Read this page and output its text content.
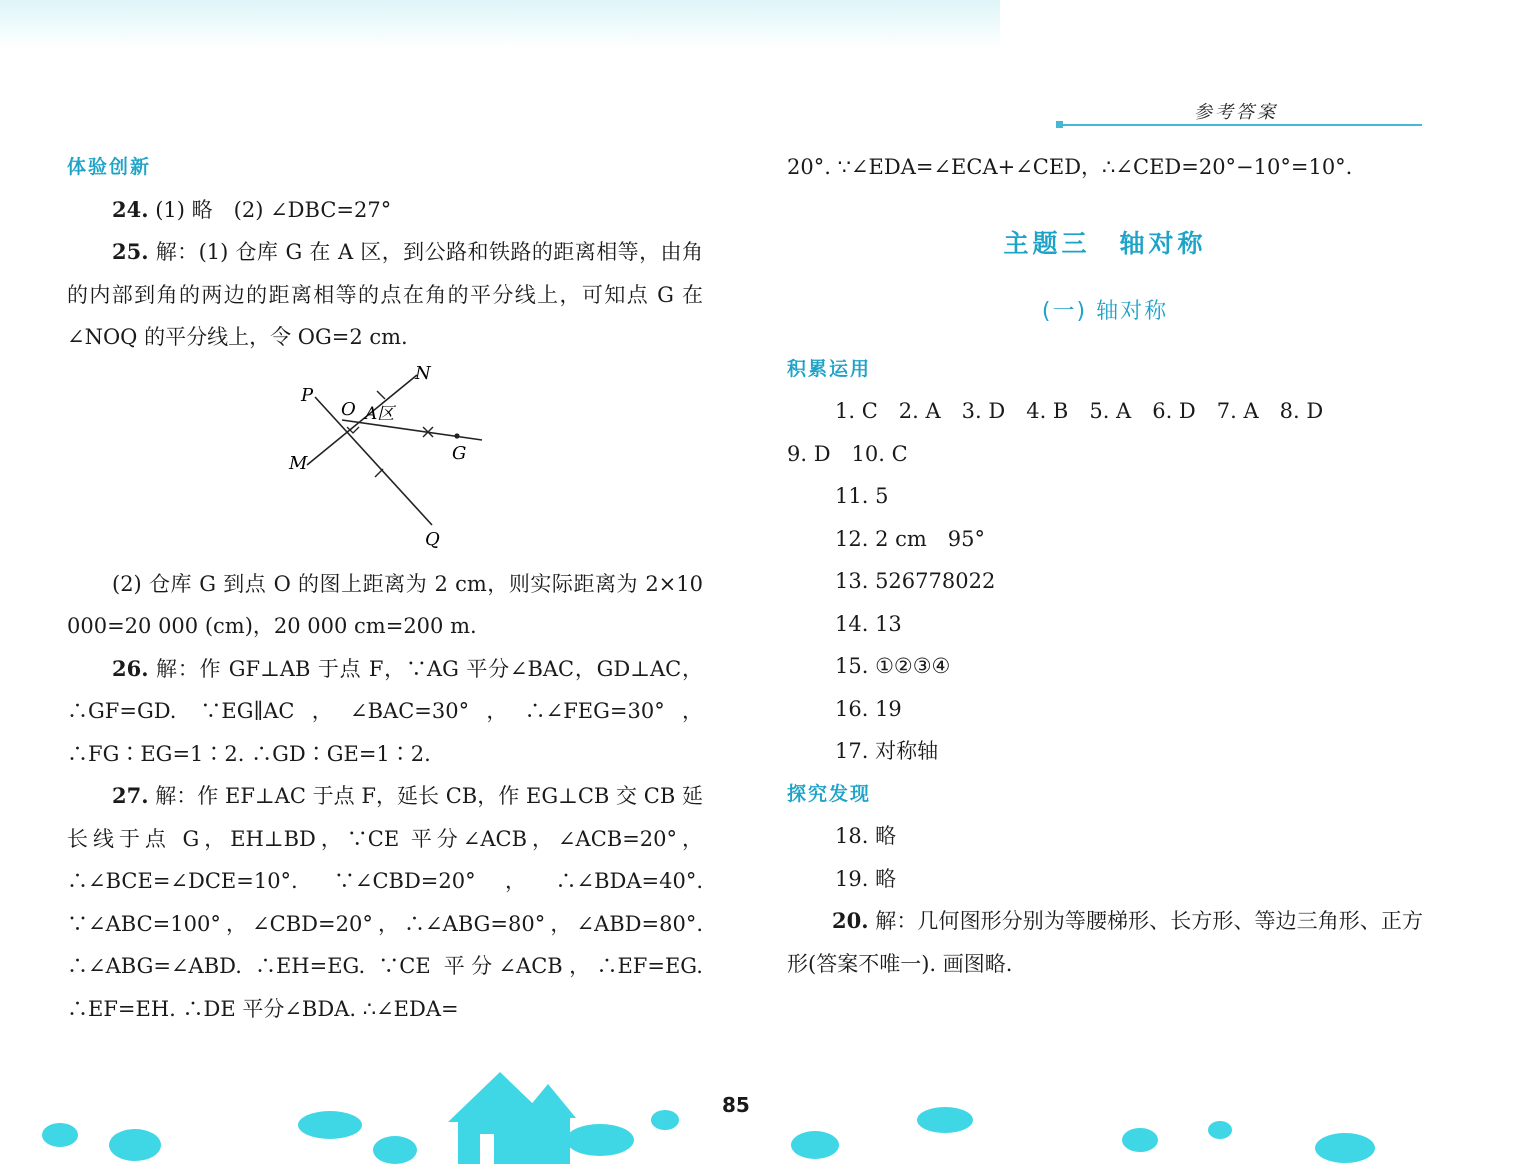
参考答案
体验创新
24. (1) 略　(2) ∠DBC=27°
25. 解：(1) 仓库 G 在 A 区，到公路和铁路的距离相等，由角的内部到角的两边的距离相等的点在角的平分线上，可知点 G 在∠NOQ 的平分线上，令 OG=2 cm.
P
N
O A区
G
M
Q
(2) 仓库 G 到点 O 的图上距离为 2 cm，则实际距离为 2×10 000=20 000 (cm)，20 000 cm=200 m.
26. 解：作 GF⊥AB 于点 F，∵AG 平分∠BAC，GD⊥AC，∴GF=GD. ∵EG∥AC，∠BAC=30°，∴∠FEG=30°，∴FG∶EG=1∶2. ∴GD∶GE=1∶2.
27. 解：作 EF⊥AC 于点 F，延长 CB，作 EG⊥CB 交 CB 延长线于点 G，EH⊥BD，∵CE 平分∠ACB，∠ACB=20°，∴∠BCE=∠DCE=10°. ∵∠CBD=20°，∴∠BDA=40°. ∵∠ABC=100°，∠CBD=20°，∴∠ABG=80°，∠ABD=80°. ∴∠ABG=∠ABD. ∴EH=EG. ∵CE 平分∠ACB，∴EF=EG. ∴EF=EH. ∴DE 平分∠BDA. ∴∠EDA=
20°. ∵∠EDA=∠ECA+∠CED，∴∠CED=20°−10°=10°.
主题三　轴对称
(一) 轴对称
积累运用
1. C　2. A　3. D　4. B　5. A　6. D　7. A　8. D
9. D　10. C
11. 5
12. 2 cm　95°
13. 526778022
14. 13
15. ①②③④
16. 19
17. 对称轴
探究发现
18. 略
19. 略
20. 解：几何图形分别为等腰梯形、长方形、等边三角形、正方形(答案不唯一). 画图略.
85
